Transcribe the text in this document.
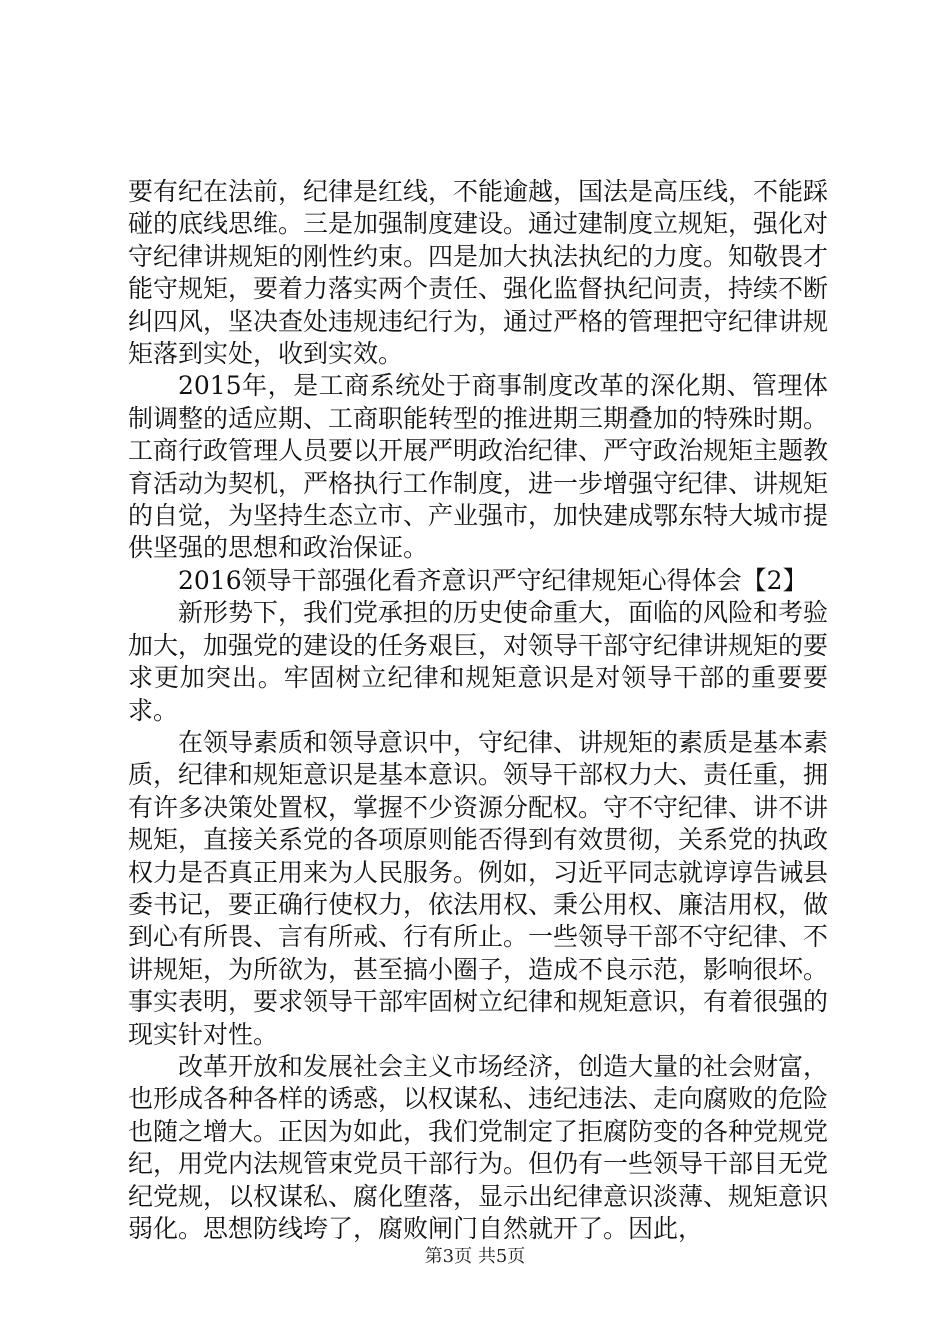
要有纪在法前，纪律是红线，不能逾越，国法是高压线，不能踩碰的底线思维。三是加强制度建设。通过建制度立规矩，强化对守纪律讲规矩的刚性约束。四是加大执法执纪的力度。知敬畏才能守规矩，要着力落实两个责任、强化监督执纪问责，持续不断纠四风，坚决查处违规违纪行为，通过严格的管理把守纪律讲规矩落到实处，收到实效。

2015年，是工商系统处于商事制度改革的深化期、管理体制调整的适应期、工商职能转型的推进期三期叠加的特殊时期。工商行政管理人员要以开展严明政治纪律、严守政治规矩主题教育活动为契机，严格执行工作制度，进一步增强守纪律、讲规矩的自觉，为坚持生态立市、产业强市，加快建成鄂东特大城市提供坚强的思想和政治保证。

2016领导干部强化看齐意识严守纪律规矩心得体会【2】

新形势下，我们党承担的历史使命重大，面临的风险和考验加大，加强党的建设的任务艰巨，对领导干部守纪律讲规矩的要求更加突出。牢固树立纪律和规矩意识是对领导干部的重要要求。

在领导素质和领导意识中，守纪律、讲规矩的素质是基本素质，纪律和规矩意识是基本意识。领导干部权力大、责任重，拥有许多决策处置权，掌握不少资源分配权。守不守纪律、讲不讲规矩，直接关系党的各项原则能否得到有效贯彻，关系党的执政权力是否真正用来为人民服务。例如，习近平同志就谆谆告诫县委书记，要正确行使权力，依法用权、秉公用权、廉洁用权，做到心有所畏、言有所戒、行有所止。一些领导干部不守纪律、不讲规矩，为所欲为，甚至搞小圈子，造成不良示范，影响很坏。事实表明，要求领导干部牢固树立纪律和规矩意识，有着很强的现实针对性。

改革开放和发展社会主义市场经济，创造大量的社会财富，也形成各种各样的诱惑，以权谋私、违纪违法、走向腐败的危险也随之增大。正因为如此，我们党制定了拒腐防变的各种党规党纪，用党内法规管束党员干部行为。但仍有一些领导干部目无党纪党规，以权谋私、腐化堕落，显示出纪律意识淡薄、规矩意识弱化。思想防线垮了，腐败闸门自然就开了。因此，

第3页 共5页
